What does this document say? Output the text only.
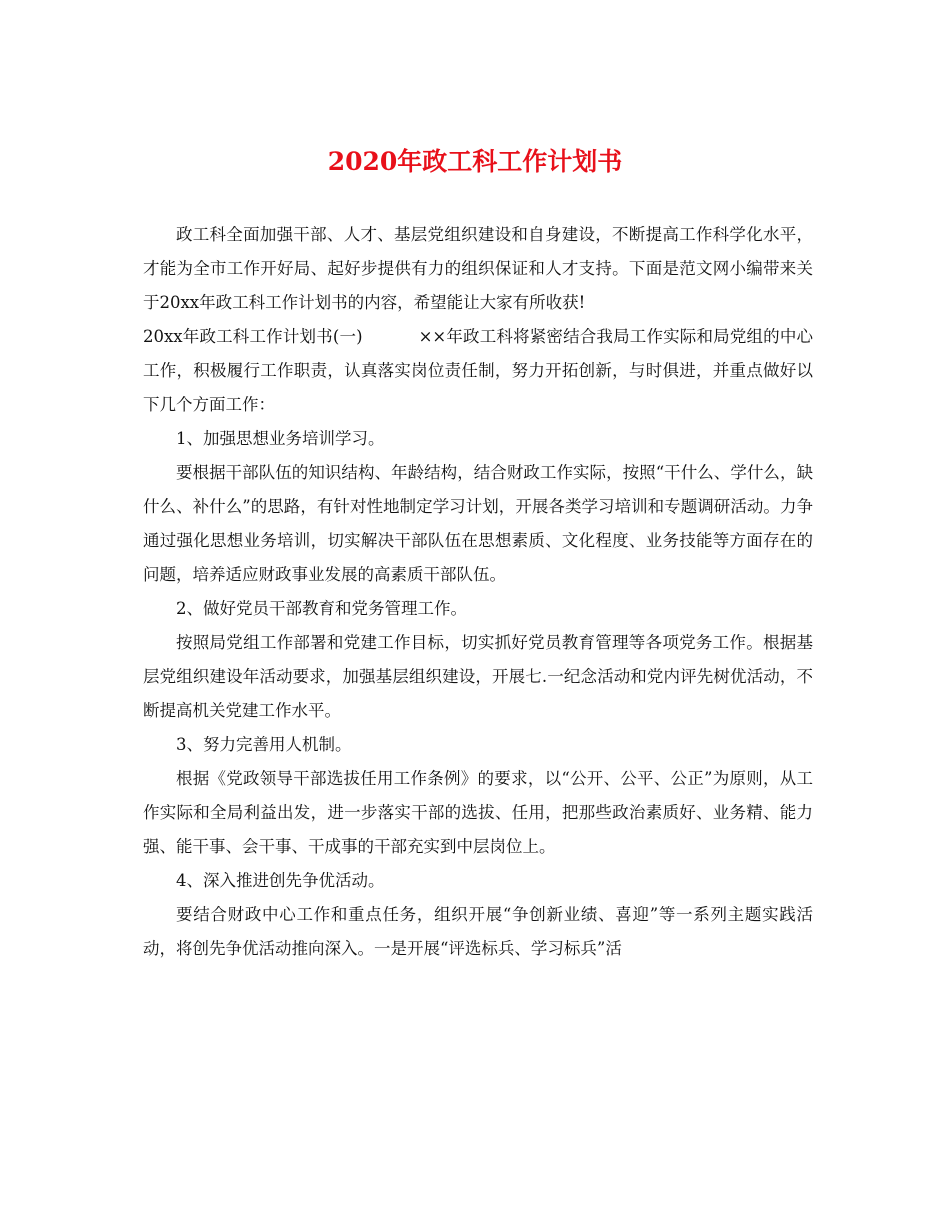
2020年政工科工作计划书

政工科全面加强干部、人才、基层党组织建设和自身建设，不断提高工作科学化水平，才能为全市工作开好局、起好步提供有力的组织保证和人才支持。下面是范文网小编带来关于20xx年政工科工作计划书的内容，希望能让大家有所收获!

20xx年政工科工作计划书(一)	××年政工科将紧密结合我局工作实际和局党组的中心工作，积极履行工作职责，认真落实岗位责任制，努力开拓创新，与时俱进，并重点做好以下几个方面工作：

1、加强思想业务培训学习。

要根据干部队伍的知识结构、年龄结构，结合财政工作实际，按照“干什么、学什么，缺什么、补什么”的思路，有针对性地制定学习计划，开展各类学习培训和专题调研活动。力争通过强化思想业务培训，切实解决干部队伍在思想素质、文化程度、业务技能等方面存在的问题，培养适应财政事业发展的高素质干部队伍。

2、做好党员干部教育和党务管理工作。

按照局党组工作部署和党建工作目标，切实抓好党员教育管理等各项党务工作。根据基层党组织建设年活动要求，加强基层组织建设，开展七.一纪念活动和党内评先树优活动，不断提高机关党建工作水平。

3、努力完善用人机制。

根据《党政领导干部选拔任用工作条例》的要求，以“公开、公平、公正”为原则，从工作实际和全局利益出发，进一步落实干部的选拔、任用，把那些政治素质好、业务精、能力强、能干事、会干事、干成事的干部充实到中层岗位上。

4、深入推进创先争优活动。

要结合财政中心工作和重点任务，组织开展“争创新业绩、喜迎”等一系列主题实践活动，将创先争优活动推向深入。一是开展“评选标兵、学习标兵”活
